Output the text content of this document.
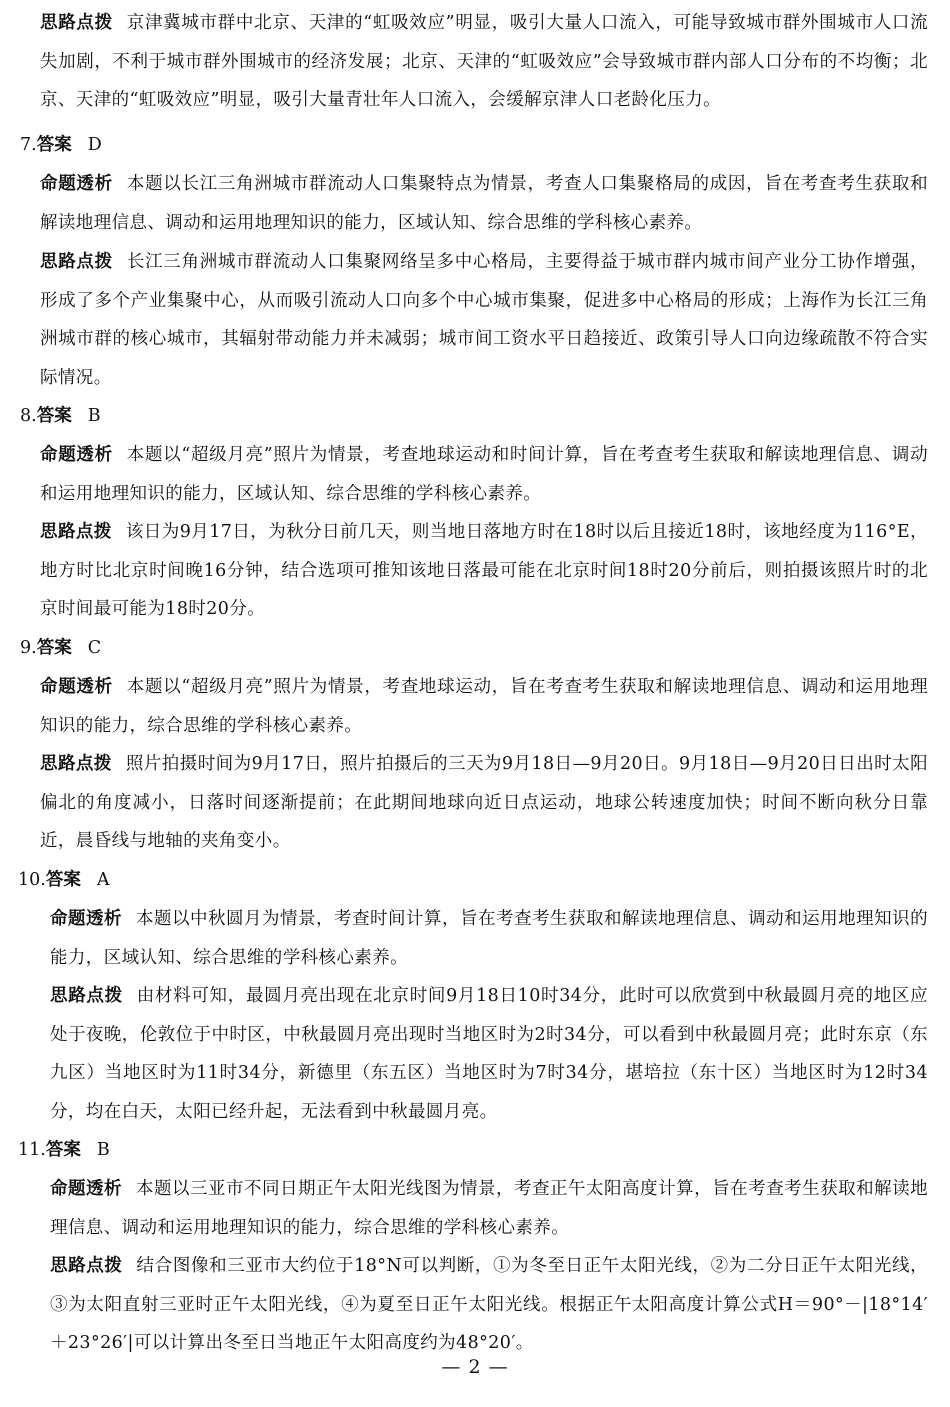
思路点拨 京津冀城市群中北京、天津的“虹吸效应”明显，吸引大量人口流入，可能导致城市群外围城市人口流失加剧，不利于城市群外围城市的经济发展；北京、天津的“虹吸效应”会导致城市群内部人口分布的不均衡；北京、天津的“虹吸效应”明显，吸引大量青壮年人口流入，会缓解京津人口老龄化压力。

7.答案 D

命题透析 本题以长江三角洲城市群流动人口集聚特点为情景，考查人口集聚格局的成因，旨在考查考生获取和解读地理信息、调动和运用地理知识的能力，区域认知、综合思维的学科核心素养。

思路点拨 长江三角洲城市群流动人口集聚网络呈多中心格局，主要得益于城市群内城市间产业分工协作增强，形成了多个产业集聚中心，从而吸引流动人口向多个中心城市集聚，促进多中心格局的形成；上海作为长江三角洲城市群的核心城市，其辐射带动能力并未减弱；城市间工资水平日趋接近、政策引导人口向边缘疏散不符合实际情况。

8.答案 B

命题透析 本题以“超级月亮”照片为情景，考查地球运动和时间计算，旨在考查考生获取和解读地理信息、调动和运用地理知识的能力，区域认知、综合思维的学科核心素养。

思路点拨 该日为9月17日，为秋分日前几天，则当地日落地方时在18时以后且接近18时，该地经度为116°E，地方时比北京时间晚16分钟，结合选项可推知该地日落最可能在北京时间18时20分前后，则拍摄该照片时的北京时间最可能为18时20分。

9.答案 C

命题透析 本题以“超级月亮”照片为情景，考查地球运动，旨在考查考生获取和解读地理信息、调动和运用地理知识的能力，综合思维的学科核心素养。

思路点拨 照片拍摄时间为9月17日，照片拍摄后的三天为9月18日—9月20日。9月18日—9月20日日出时太阳偏北的角度减小，日落时间逐渐提前；在此期间地球向近日点运动，地球公转速度加快；时间不断向秋分日靠近，晨昏线与地轴的夹角变小。

10.答案 A

命题透析 本题以中秋圆月为情景，考查时间计算，旨在考查考生获取和解读地理信息、调动和运用地理知识的能力，区域认知、综合思维的学科核心素养。

思路点拨 由材料可知，最圆月亮出现在北京时间9月18日10时34分，此时可以欣赏到中秋最圆月亮的地区应处于夜晚，伦敦位于中时区，中秋最圆月亮出现时当地区时为2时34分，可以看到中秋最圆月亮；此时东京（东九区）当地区时为11时34分，新德里（东五区）当地区时为7时34分，堪培拉（东十区）当地区时为12时34分，均在白天，太阳已经升起，无法看到中秋最圆月亮。

11.答案 B

命题透析 本题以三亚市不同日期正午太阳光线图为情景，考查正午太阳高度计算，旨在考查考生获取和解读地理信息、调动和运用地理知识的能力，综合思维的学科核心素养。

思路点拨 结合图像和三亚市大约位于18°N可以判断，①为冬至日正午太阳光线，②为二分日正午太阳光线，③为太阳直射三亚时正午太阳光线，④为夏至日正午太阳光线。根据正午太阳高度计算公式H＝90°－|18°14′＋23°26′|可以计算出冬至日当地正午太阳高度约为48°20′。

— 2 —
